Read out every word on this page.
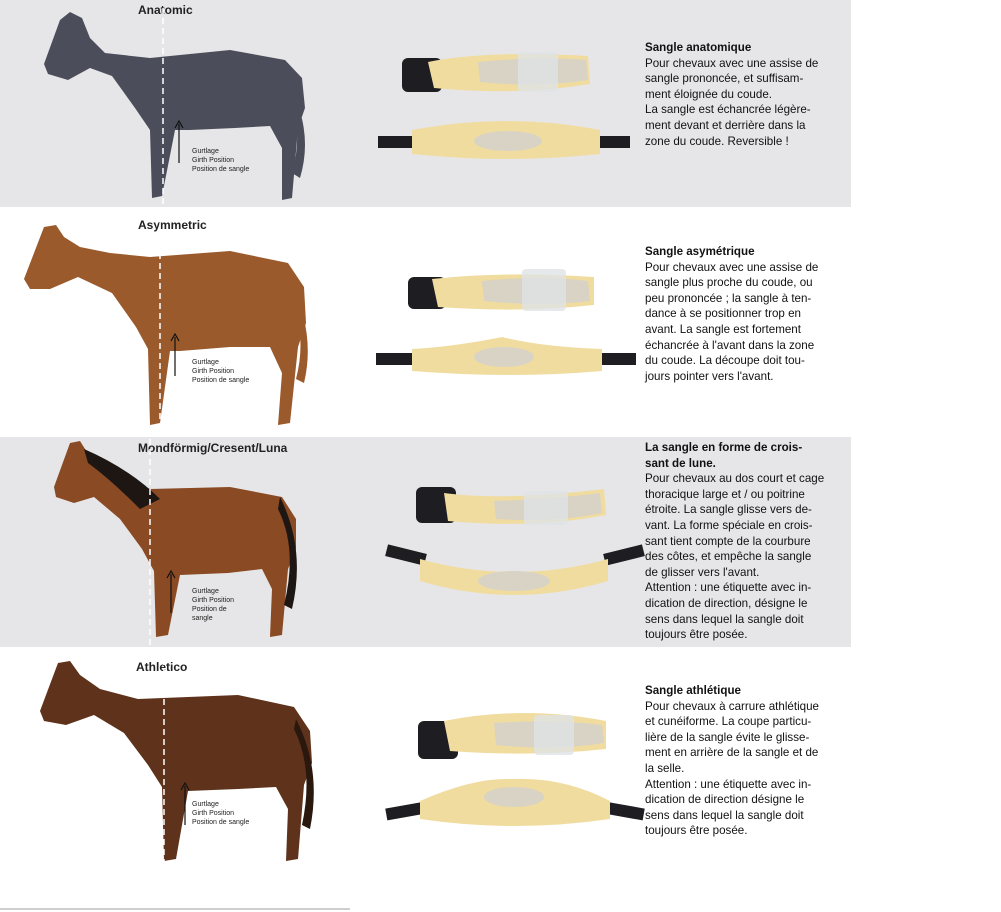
Anatomic
Gurtlage
Girth Position
Position de sangle
Sangle anatomique

Pour chevaux avec une assise de

sangle prononcée, et suffisam-

ment éloignée du coude.

La sangle est échancrée légère-

ment devant et derrière dans la

zone du coude. Reversible !

Asymmetric
Gurtlage
Girth Position
Position de sangle
Sangle asymétrique

Pour chevaux avec une assise de

sangle plus proche du coude, ou

peu prononcée ; la sangle à ten-

dance à se positionner trop en

avant. La sangle est fortement

échancrée à l'avant dans la zone

du coude. La découpe doit tou-

jours pointer vers l'avant.

Mondförmig/Cresent/Luna
Gurtlage
Girth Position
Position de
sangle
La sangle en forme de crois-
sant de lune.

Pour chevaux au dos court et cage

thoracique large et / ou poitrine

étroite. La sangle glisse vers de-

vant. La forme spéciale en crois-

sant tient compte de la courbure

des côtes, et empêche la sangle

de glisser vers l'avant.

Attention : une étiquette avec in-

dication de direction, désigne le

sens dans lequel la sangle doit

toujours être posée.

Athletico
Gurtlage
Girth Position
Position de sangle
Sangle athlétique

Pour chevaux à carrure athlétique

et cunéiforme. La coupe particu-

lière de la sangle évite le glisse-

ment en arrière de la sangle et de

la selle.

Attention : une étiquette avec in-

dication de direction désigne le

sens dans lequel la sangle doit

toujours être posée.
